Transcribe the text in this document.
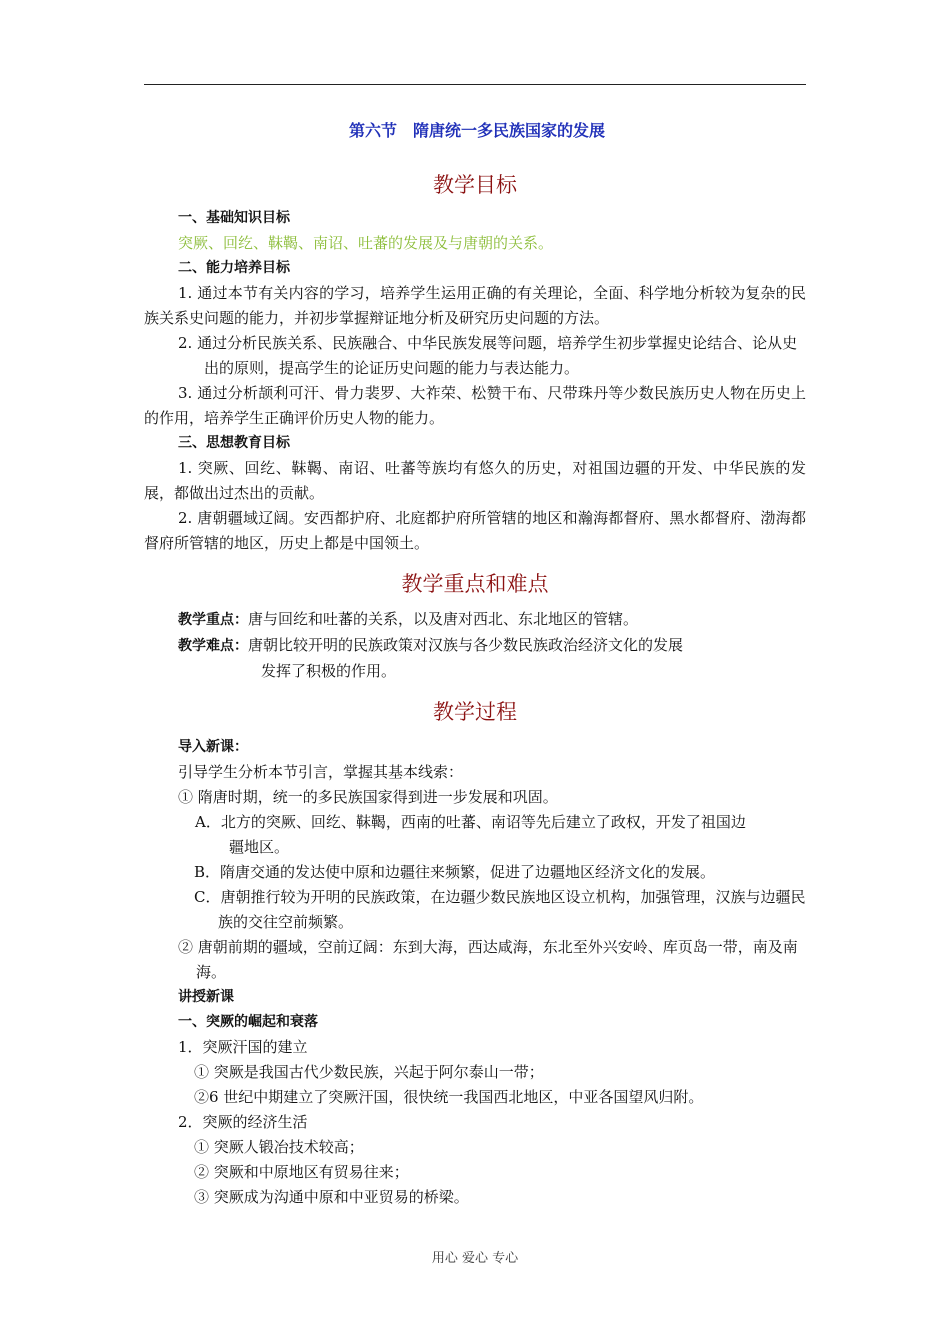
第六节　隋唐统一多民族国家的发展
教学目标
一、基础知识目标
突厥、回纥、靺鞨、南诏、吐蕃的发展及与唐朝的关系。
二、能力培养目标
1. 通过本节有关内容的学习，培养学生运用正确的有关理论，全面、科学地分析较为复杂的民族关系史问题的能力，并初步掌握辩证地分析及研究历史问题的方法。
2. 通过分析民族关系、民族融合、中华民族发展等问题，培养学生初步掌握史论结合、论从史出的原则，提高学生的论证历史问题的能力与表达能力。
3. 通过分析颉利可汗、骨力裴罗、大祚荣、松赞干布、尺带珠丹等少数民族历史人物在历史上的作用，培养学生正确评价历史人物的能力。
三、思想教育目标
1. 突厥、回纥、靺鞨、南诏、吐蕃等族均有悠久的历史，对祖国边疆的开发、中华民族的发展，都做出过杰出的贡献。
2. 唐朝疆域辽阔。安西都护府、北庭都护府所管辖的地区和瀚海都督府、黑水都督府、渤海都督府所管辖的地区，历史上都是中国领土。
教学重点和难点
教学重点：唐与回纥和吐蕃的关系，以及唐对西北、东北地区的管辖。
教学难点：唐朝比较开明的民族政策对汉族与各少数民族政治经济文化的发展
发挥了积极的作用。
教学过程
导入新课：
引导学生分析本节引言，掌握其基本线索：
① 隋唐时期，统一的多民族国家得到进一步发展和巩固。
A．北方的突厥、回纥、靺鞨，西南的吐蕃、南诏等先后建立了政权，开发了祖国边
疆地区。
B．隋唐交通的发达使中原和边疆往来频繁，促进了边疆地区经济文化的发展。
C．唐朝推行较为开明的民族政策，在边疆少数民族地区设立机构，加强管理，汉族与边疆民族的交往空前频繁。
② 唐朝前期的疆域，空前辽阔：东到大海，西达咸海，东北至外兴安岭、库页岛一带，南及南海。
讲授新课
一、突厥的崛起和衰落
1．突厥汗国的建立
① 突厥是我国古代少数民族，兴起于阿尔泰山一带；
②6 世纪中期建立了突厥汗国，很快统一我国西北地区，中亚各国望风归附。
2．突厥的经济生活
① 突厥人锻冶技术较高；
② 突厥和中原地区有贸易往来；
③ 突厥成为沟通中原和中亚贸易的桥梁。
用心 爱心 专心
